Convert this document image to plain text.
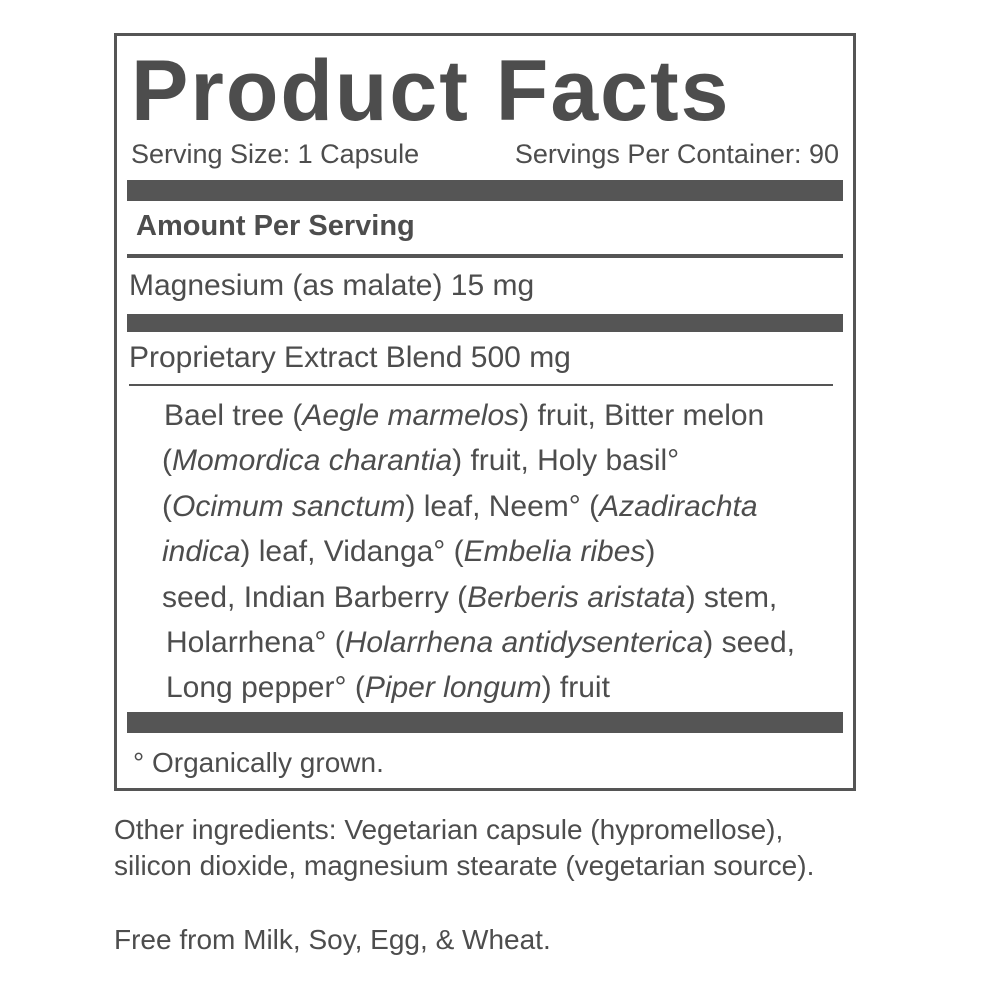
Product Facts
Serving Size: 1 Capsule	Servings Per Container: 90
Amount Per Serving
Magnesium (as malate) 15 mg
Proprietary Extract Blend 500 mg
Bael tree (Aegle marmelos) fruit, Bitter melon
(Momordica charantia) fruit, Holy basil°
(Ocimum sanctum) leaf, Neem° (Azadirachta
indica) leaf, Vidanga° (Embelia ribes)
seed, Indian Barberry (Berberis aristata) stem,
Holarrhena° (Holarrhena antidysenterica) seed,
Long pepper° (Piper longum) fruit
° Organically grown.
Other ingredients: Vegetarian capsule (hypromellose),
silicon dioxide, magnesium stearate (vegetarian source).
Free from Milk, Soy, Egg, & Wheat.
